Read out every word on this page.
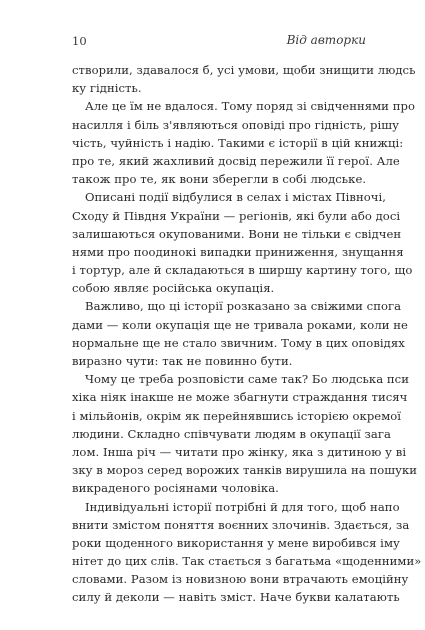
10	Від авторки
створили, здавалося б, усі умови, щоби знищити людсь
ку гідність.
Але це їм не вдалося. Тому поряд зі свідченнями про
насилля і біль з'являються оповіді про гідність, рішу
чість, чуйність і надію. Такими є історії в цій книжці:
про те, який жахливий досвід пережили її герої. Але
також про те, як вони зберегли в собі людське.
Описані події відбулися в селах і містах Півночі,
Сходу й Півдня України — регіонів, які були або досі
залишаються окупованими. Вони не тільки є свідчен
нями про поодинокі випадки приниження, знущання
і тортур, але й складаються в ширшу картину того, що
собою являє російська окупація.
Важливо, що ці історії розказано за свіжими спога
дами — коли окупація ще не тривала роками, коли не
нормальне ще не стало звичним. Тому в цих оповідях
виразно чути: так не повинно бути.
Чому це треба розповісти саме так? Бо людська пси
хіка ніяк інакше не може збагнути страждання тисяч
і мільйонів, окрім як перейнявшись історією окремої
людини. Складно співчувати людям в окупації зага
лом. Інша річ — читати про жінку, яка з дитиною у ві
зку в мороз серед ворожих танків вирушила на пошуки
викраденого росіянами чоловіка.
Індивідуальні історії потрібні й для того, щоб напо
внити змістом поняття воєнних злочинів. Здається, за
роки щоденного використання у мене виробився іму
нітет до цих слів. Так стається з багатьма «щоденними»
словами. Разом із новизною вони втрачають емоційну
силу й деколи — навіть зміст. Наче букви калатають
